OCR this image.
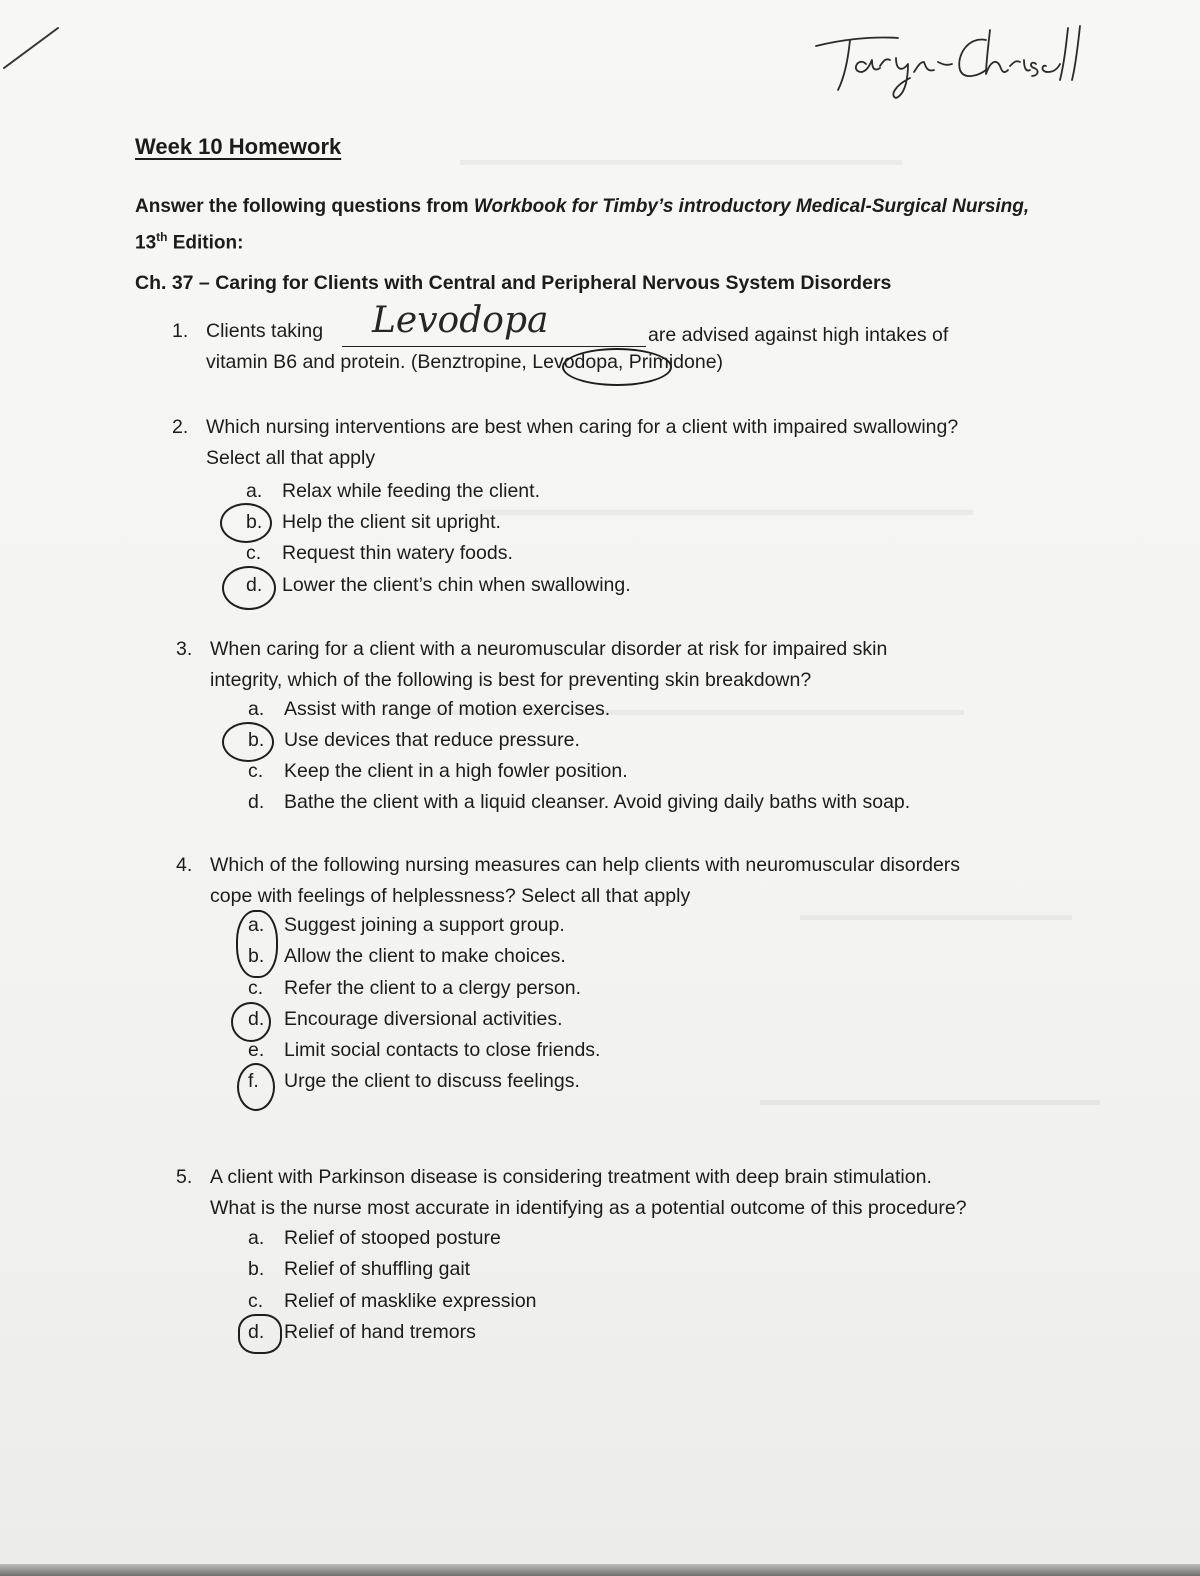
Week 10 Homework
Answer the following questions from Workbook for Timby’s introductory Medical-Surgical Nursing, 13th Edition:
Ch. 37 – Caring for Clients with Central and Peripheral Nervous System Disorders
1. Clients taking	are advised against high intakes of
vitamin B6 and protein. (Benztropine, Levodopa, Primidone)
Levodopa
2. Which nursing interventions are best when caring for a client with impaired swallowing?
Select all that apply
a. Relax while feeding the client.
b. Help the client sit upright.
c. Request thin watery foods.
d. Lower the client’s chin when swallowing.
3. When caring for a client with a neuromuscular disorder at risk for impaired skin
integrity, which of the following is best for preventing skin breakdown?
a. Assist with range of motion exercises.
b. Use devices that reduce pressure.
c. Keep the client in a high fowler position.
d. Bathe the client with a liquid cleanser. Avoid giving daily baths with soap.
4. Which of the following nursing measures can help clients with neuromuscular disorders
cope with feelings of helplessness? Select all that apply
a. Suggest joining a support group.
b. Allow the client to make choices.
c. Refer the client to a clergy person.
d. Encourage diversional activities.
e. Limit social contacts to close friends.
f. Urge the client to discuss feelings.
5. A client with Parkinson disease is considering treatment with deep brain stimulation.
What is the nurse most accurate in identifying as a potential outcome of this procedure?
a. Relief of stooped posture
b. Relief of shuffling gait
c. Relief of masklike expression
d. Relief of hand tremors
